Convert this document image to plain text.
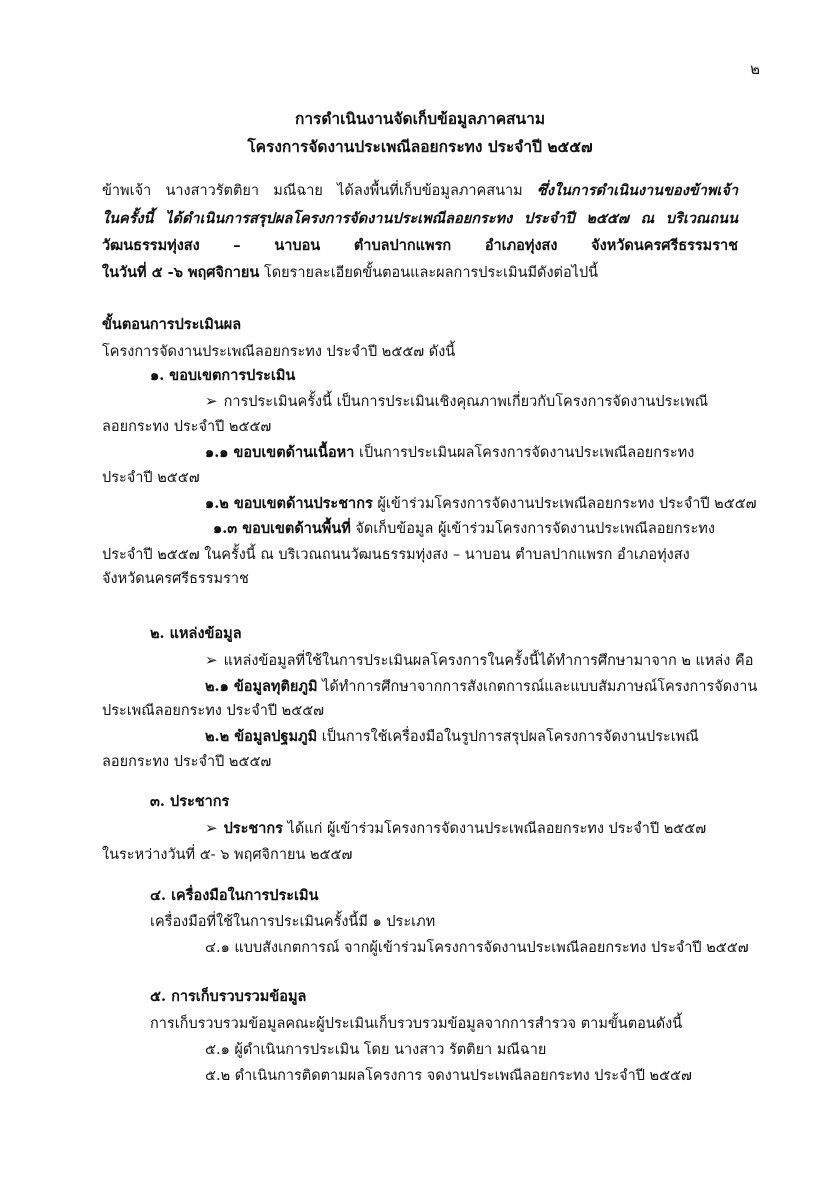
๒
การดำเนินงานจัดเก็บข้อมูลภาคสนาม
โครงการจัดงานประเพณีลอยกระทง ประจำปี ๒๕๕๗
ข้าพเจ้า นางสาวรัตติยา มณีฉาย ได้ลงพื้นที่เก็บข้อมูลภาคสนาม ซึ่งในการดำเนินงานของข้าพเจ้า
ในครั้งนี้ ได้ดำเนินการสรุปผลโครงการจัดงานประเพณีลอยกระทง ประจำปี ๒๕๕๗ ณ บริเวณถนน
วัฒนธรรมทุ่งสง – นาบอน ตำบลปากแพรก อำเภอทุ่งสง จังหวัดนครศรีธรรมราช
ในวันที่ ๕ -๖ พฤศจิกายน โดยรายละเอียดขั้นตอนและผลการประเมินมีดังต่อไปนี้
ขั้นตอนการประเมินผล
โครงการจัดงานประเพณีลอยกระทง ประจำปี ๒๕๕๗ ดังนี้
๑. ขอบเขตการประเมิน
➢ การประเมินครั้งนี้ เป็นการประเมินเชิงคุณภาพเกี่ยวกับโครงการจัดงานประเพณี
ลอยกระทง ประจำปี ๒๕๕๗
๑.๑ ขอบเขตด้านเนื้อหา เป็นการประเมินผลโครงการจัดงานประเพณีลอยกระทง
ประจำปี ๒๕๕๗
๑.๒ ขอบเขตด้านประชากร ผู้เข้าร่วมโครงการจัดงานประเพณีลอยกระทง ประจำปี ๒๕๕๗
๑.๓ ขอบเขตด้านพื้นที่ จัดเก็บข้อมูล ผู้เข้าร่วมโครงการจัดงานประเพณีลอยกระทง
ประจำปี ๒๕๕๗ ในครั้งนี้ ณ บริเวณถนนวัฒนธรรมทุ่งสง – นาบอน ตำบลปากแพรก อำเภอทุ่งสง
จังหวัดนครศรีธรรมราช
๒. แหล่งข้อมูล
➢ แหล่งข้อมูลที่ใช้ในการประเมินผลโครงการในครั้งนี้ได้ทำการศึกษามาจาก ๒ แหล่ง คือ
๒.๑ ข้อมูลทุติยภูมิ ได้ทำการศึกษาจากการสังเกตการณ์และแบบสัมภาษณ์โครงการจัดงาน
ประเพณีลอยกระทง ประจำปี ๒๕๕๗
๒.๒ ข้อมูลปฐมภูมิ เป็นการใช้เครื่องมือในรูปการสรุปผลโครงการจัดงานประเพณี
ลอยกระทง ประจำปี ๒๕๕๗
๓. ประชากร
➢ ประชากร ได้แก่ ผู้เข้าร่วมโครงการจัดงานประเพณีลอยกระทง ประจำปี ๒๕๕๗
ในระหว่างวันที่ ๕- ๖ พฤศจิกายน ๒๕๕๗
๔. เครื่องมือในการประเมิน
เครื่องมือที่ใช้ในการประเมินครั้งนี้มี ๑ ประเภท
๔.๑ แบบสังเกตการณ์ จากผู้เข้าร่วมโครงการจัดงานประเพณีลอยกระทง ประจำปี ๒๕๕๗
๕. การเก็บรวบรวมข้อมูล
การเก็บรวบรวมข้อมูลคณะผู้ประเมินเก็บรวบรวมข้อมูลจากการสำรวจ ตามขั้นตอนดังนี้
๕.๑ ผู้ดำเนินการประเมิน โดย นางสาว รัตติยา มณีฉาย
๕.๒ ดำเนินการติดตามผลโครงการ จดงานประเพณีลอยกระทง ประจำปี ๒๕๕๗
